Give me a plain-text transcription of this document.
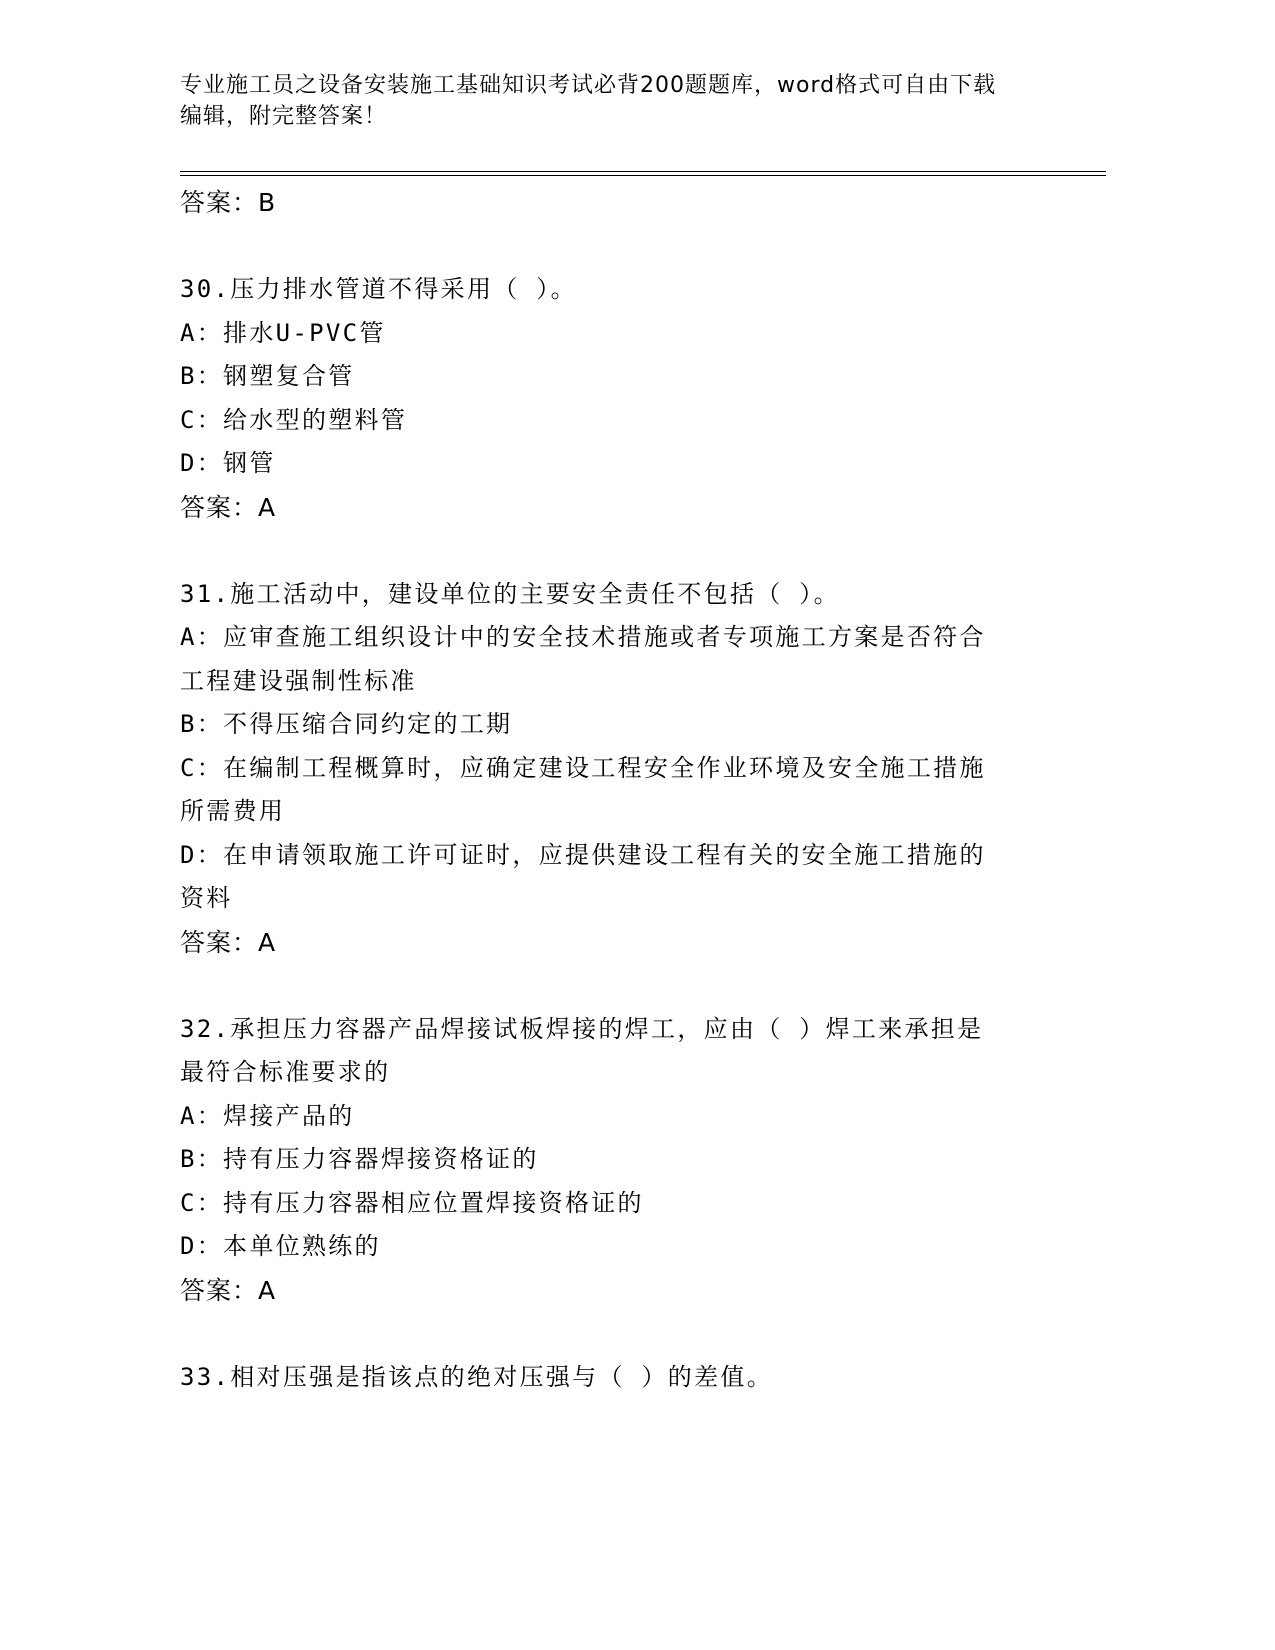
专业施工员之设备安装施工基础知识考试必背200题题库，word格式可自由下载
编辑，附完整答案！
答案：B
30.压力排水管道不得采用（ ）。
A：排水U-PVC管
B：钢塑复合管
C：给水型的塑料管
D：钢管
答案：A
31.施工活动中，建设单位的主要安全责任不包括（ ）。
A：应审查施工组织设计中的安全技术措施或者专项施工方案是否符合
工程建设强制性标准
B：不得压缩合同约定的工期
C：在编制工程概算时，应确定建设工程安全作业环境及安全施工措施
所需费用
D：在申请领取施工许可证时，应提供建设工程有关的安全施工措施的
资料
答案：A
32.承担压力容器产品焊接试板焊接的焊工，应由（ ）焊工来承担是
最符合标准要求的
A：焊接产品的
B：持有压力容器焊接资格证的
C：持有压力容器相应位置焊接资格证的
D：本单位熟练的
答案：A
33.相对压强是指该点的绝对压强与（ ）的差值。
